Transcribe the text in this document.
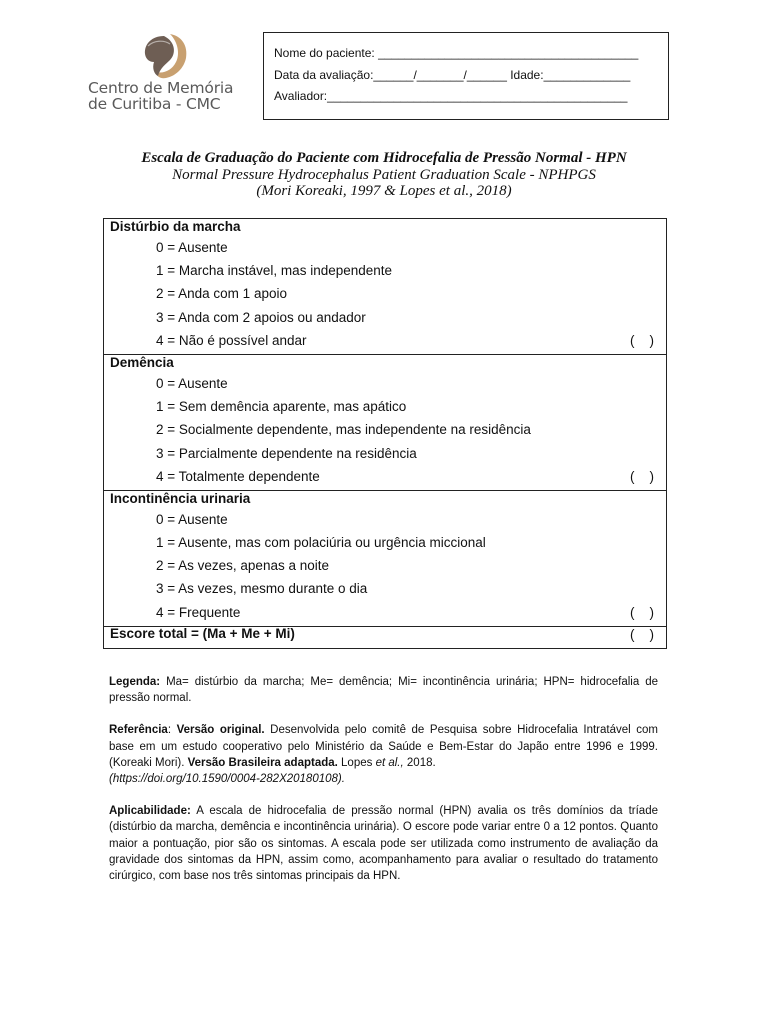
Centro de Memória
de Curitiba - CMC
Nome do paciente: _______________________________________
Data da avaliação:______/_______/______ Idade:_____________
Avaliador:_____________________________________________
Escala de Graduação do Paciente com Hidrocefalia de Pressão Normal - HPN
Normal Pressure Hydrocephalus Patient Graduation Scale - NPHPGS
(Mori Koreaki, 1997 & Lopes et al., 2018)
Distúrbio da marcha
0 = Ausente
1 = Marcha instável, mas independente
2 = Anda com 1 apoio
3 = Anda com 2 apoios ou andador
4 = Não é possível andar	(    )
Demência
0 = Ausente
1 = Sem demência aparente, mas apático
2 = Socialmente dependente, mas independente na residência
3 = Parcialmente dependente na residência
4 = Totalmente dependente	(    )
Incontinência urinaria
0 = Ausente
1 = Ausente, mas com polaciúria ou urgência miccional
2 = As vezes, apenas a noite
3 = As vezes, mesmo durante o dia
4 = Frequente	(    )
Escore total = (Ma + Me + Mi)	(    )

Legenda: Ma= distúrbio da marcha; Me= demência; Mi= incontinência urinária; HPN= hidrocefalia de pressão normal.

Referência: Versão original. Desenvolvida pelo comitê de Pesquisa sobre Hidrocefalia Intratável com base em um estudo cooperativo pelo Ministério da Saúde e Bem-Estar do Japão entre 1996 e 1999. (Koreaki Mori). Versão Brasileira adaptada. Lopes et al., 2018.
(https://doi.org/10.1590/0004-282X20180108).

Aplicabilidade: A escala de hidrocefalia de pressão normal (HPN) avalia os três domínios da tríade (distúrbio da marcha, demência e incontinência urinária). O escore pode variar entre 0 a 12 pontos. Quanto maior a pontuação, pior são os sintomas. A escala pode ser utilizada como instrumento de avaliação da gravidade dos sintomas da HPN, assim como, acompanhamento para avaliar o resultado do tratamento cirúrgico, com base nos três sintomas principais da HPN.
